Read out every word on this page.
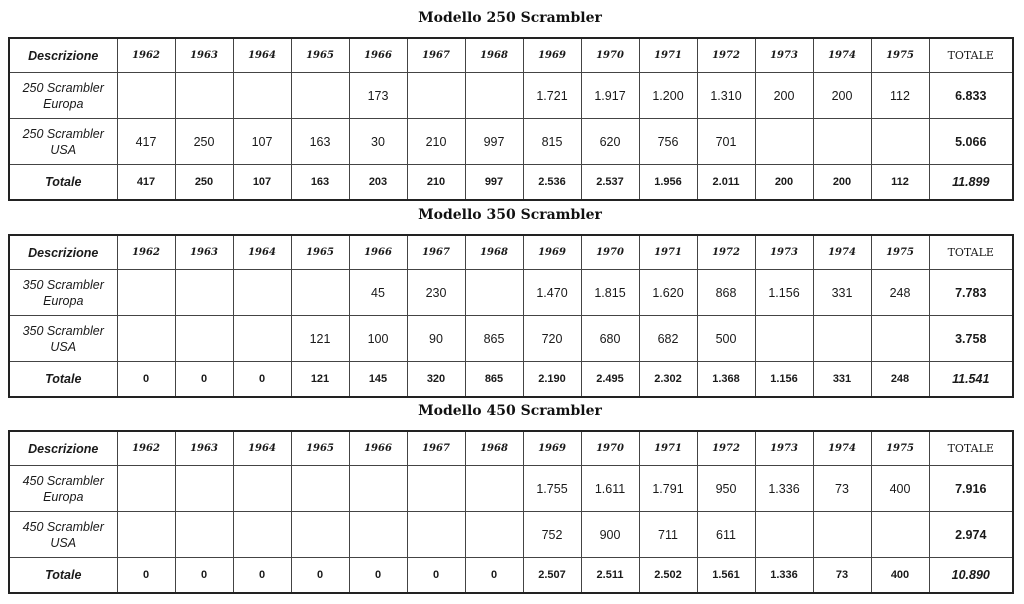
Modello 250 Scrambler
Descrizione	1962	1963	1964	1965	1966	1967	1968	1969	1970	1971	1972	1973	1974	1975	TOTALE
250 Scrambler Europa					173			1.721	1.917	1.200	1.310	200	200	112	6.833
250 Scrambler USA	417	250	107	163	30	210	997	815	620	756	701				5.066
Totale	417	250	107	163	203	210	997	2.536	2.537	1.956	2.011	200	200	112	11.899
Modello 350 Scrambler
Descrizione	1962	1963	1964	1965	1966	1967	1968	1969	1970	1971	1972	1973	1974	1975	TOTALE
350 Scrambler Europa					45	230		1.470	1.815	1.620	868	1.156	331	248	7.783
350 Scrambler USA				121	100	90	865	720	680	682	500				3.758
Totale	0	0	0	121	145	320	865	2.190	2.495	2.302	1.368	1.156	331	248	11.541
Modello 450 Scrambler
Descrizione	1962	1963	1964	1965	1966	1967	1968	1969	1970	1971	1972	1973	1974	1975	TOTALE
450 Scrambler Europa								1.755	1.611	1.791	950	1.336	73	400	7.916
450 Scrambler USA								752	900	711	611				2.974
Totale	0	0	0	0	0	0	0	2.507	2.511	2.502	1.561	1.336	73	400	10.890
